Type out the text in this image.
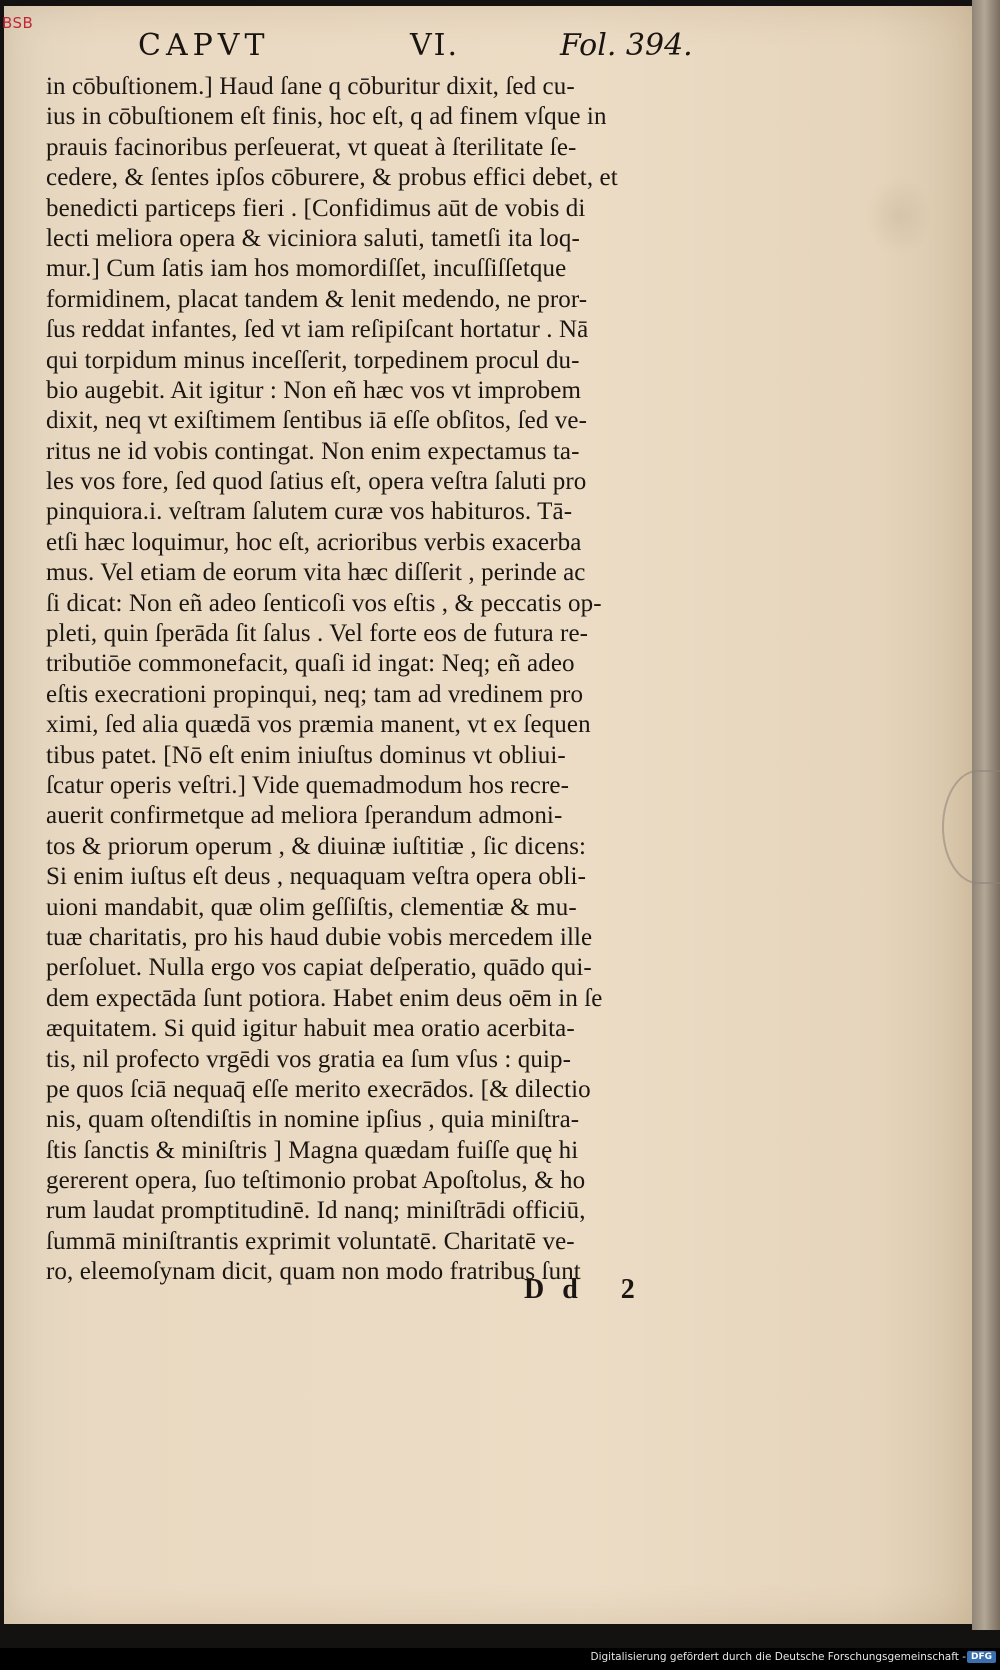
BSB
CAPVT	VI.	Fol. 394.
in cōbuſtionem.] Haud ſane q cōburitur dixit, ſed cu-
ius in cōbuſtionem eſt finis, hoc eſt, q ad finem vſque in
prauis facinoribus perſeuerat, vt queat à ſterilitate ſe-
cedere, & ſentes ipſos cōburere, & probus effici debet, et
benedicti particeps fieri . [Confidimus aūt de vobis di
lecti meliora opera & viciniora saluti, tametſi ita loq-
mur.] Cum ſatis iam hos momordiſſet, incuſſiſſetque
formidinem, placat tandem & lenit medendo, ne pror-
ſus reddat infantes, ſed vt iam reſipiſcant hortatur . Nā
qui torpidum minus inceſſerit, torpedinem procul du-
bio augebit. Ait igitur : Non eñ hæc vos vt improbem
dixit, neq vt exiſtimem ſentibus iā eſſe obſitos, ſed ve-
ritus ne id vobis contingat. Non enim expectamus ta-
les vos fore, ſed quod ſatius eſt, opera veſtra ſaluti pro
pinquiora.i. veſtram ſalutem curæ vos habituros. Tā-
etſi hæc loquimur, hoc eſt, acrioribus verbis exacerba
mus. Vel etiam de eorum vita hæc diſſerit , perinde ac
ſi dicat: Non eñ adeo ſenticoſi vos eſtis , & peccatis op-
pleti, quin ſperāda ſit ſalus . Vel forte eos de futura re-
tributiōe commonefacit, quaſi id ingat: Neq; eñ adeo
eſtis execrationi propinqui, neq; tam ad vredinem pro
ximi, ſed alia quædā vos præmia manent, vt ex ſequen
tibus patet. [Nō eſt enim iniuſtus dominus vt obliui-
ſcatur operis veſtri.] Vide quemadmodum hos recre-
auerit confirmetque ad meliora ſperandum admoni-
tos & priorum operum , & diuinæ iuſtitiæ , ſic dicens:
Si enim iuſtus eſt deus , nequaquam veſtra opera obli-
uioni mandabit, quæ olim geſſiſtis, clementiæ & mu-
tuæ charitatis, pro his haud dubie vobis mercedem ille
perſoluet. Nulla ergo vos capiat deſperatio, quādo qui-
dem expectāda ſunt potiora. Habet enim deus oēm in ſe
æquitatem. Si quid igitur habuit mea oratio acerbita-
tis, nil profecto vrgēdi vos gratia ea ſum vſus : quip-
pe quos ſciā nequaq̄ eſſe merito execrādos. [& dilectio
nis, quam oſtendiſtis in nomine ipſius , quia miniſtra-
ſtis ſanctis & miniſtris ] Magna quædam fuiſſe quę hi
gererent opera, ſuo teſtimonio probat Apoſtolus, & ho
rum laudat promptitudinē. Id nanq; miniſtrādi officiū,
ſummā miniſtrantis exprimit voluntatē. Charitatē ve-
ro, eleemoſynam dicit, quam non modo fratribus ſunt
Dd 2
Digitalisierung gefördert durch die Deutsche Forschungsgemeinschaft - DFG
